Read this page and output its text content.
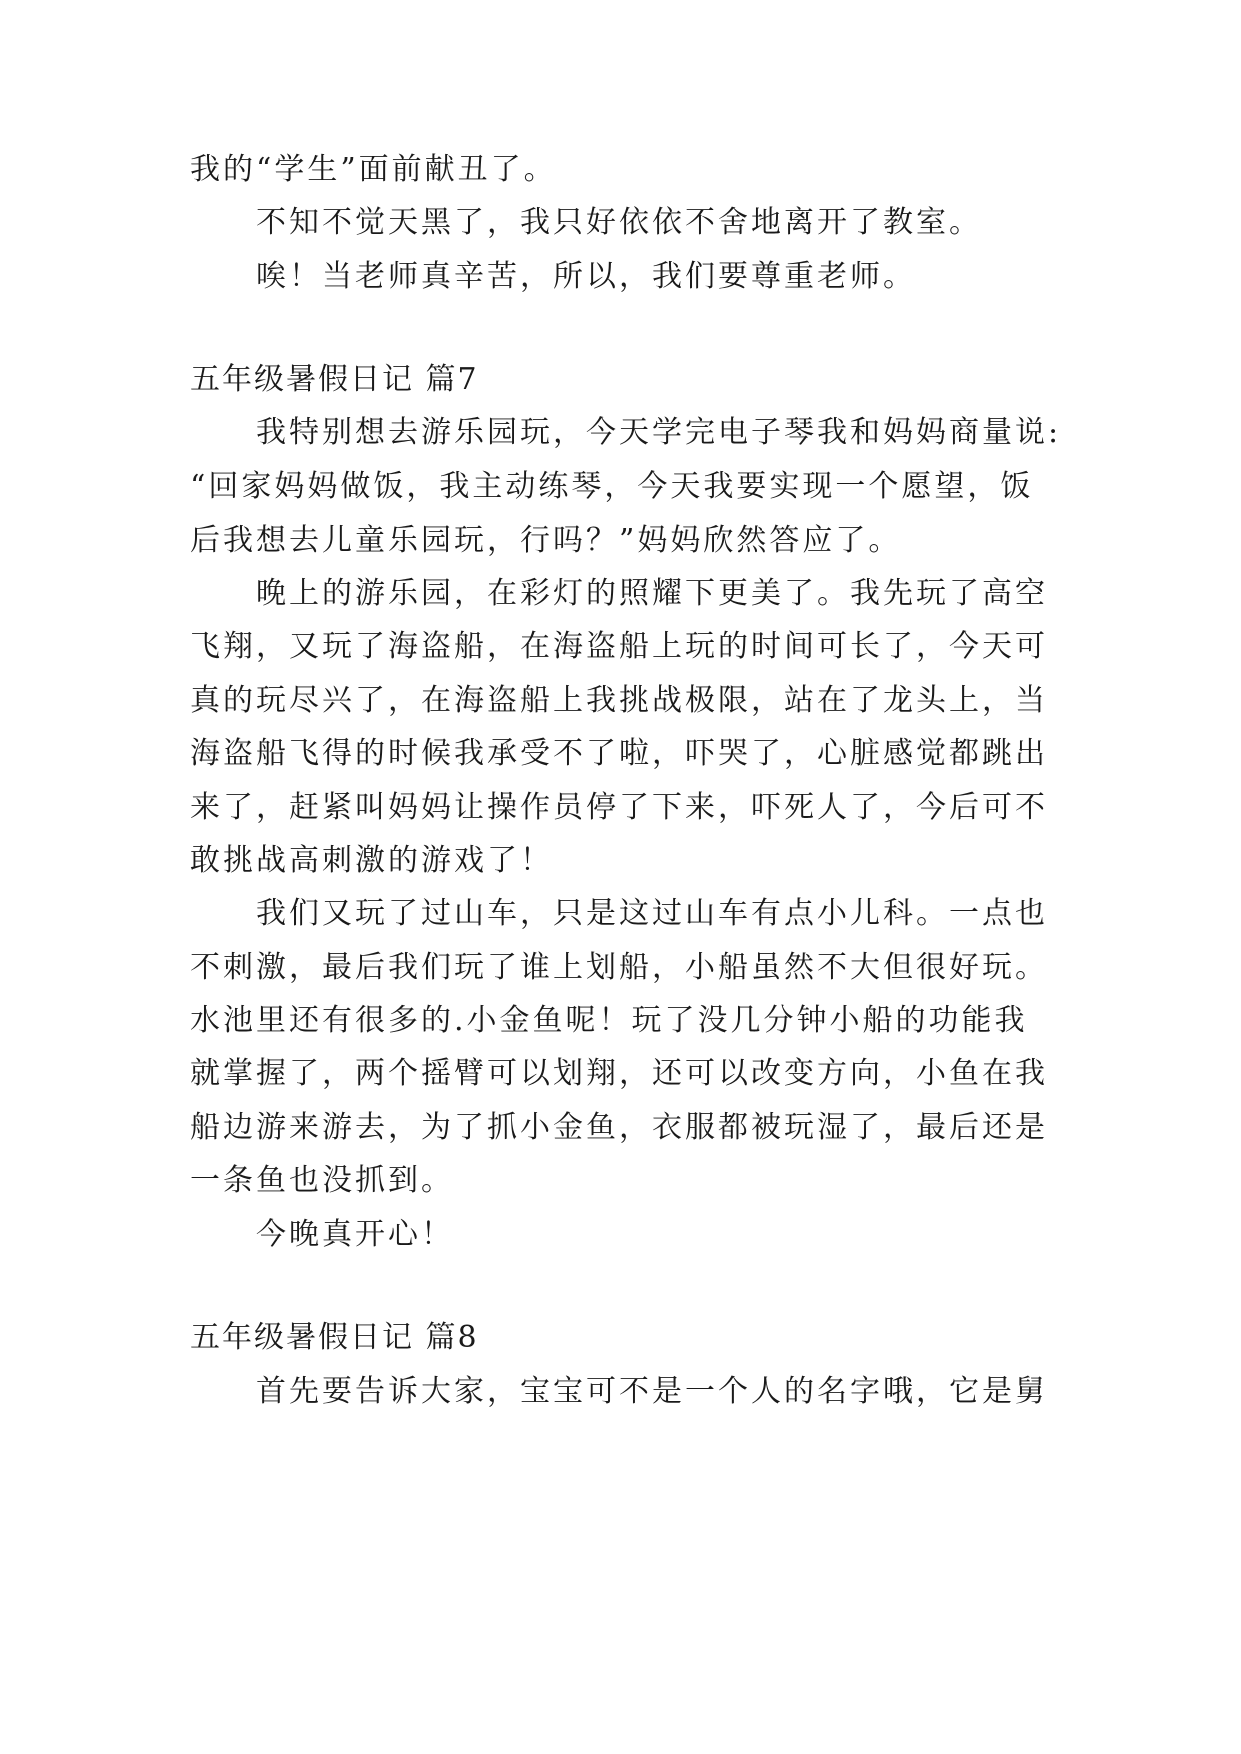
我的“学生”面前献丑了。
不知不觉天黑了，我只好依依不舍地离开了教室。
唉！当老师真辛苦，所以，我们要尊重老师。
五年级暑假日记 篇7
我特别想去游乐园玩，今天学完电子琴我和妈妈商量说:
“回家妈妈做饭，我主动练琴，今天我要实现一个愿望，饭
后我想去儿童乐园玩，行吗？”妈妈欣然答应了。
晚上的游乐园，在彩灯的照耀下更美了。我先玩了高空
飞翔，又玩了海盗船，在海盗船上玩的时间可长了，今天可
真的玩尽兴了，在海盗船上我挑战极限，站在了龙头上，当
海盗船飞得的时候我承受不了啦，吓哭了，心脏感觉都跳出
来了，赶紧叫妈妈让操作员停了下来，吓死人了，今后可不
敢挑战高刺激的游戏了！
我们又玩了过山车，只是这过山车有点小儿科。一点也
不刺激，最后我们玩了谁上划船，小船虽然不大但很好玩。
水池里还有很多的.小金鱼呢！玩了没几分钟小船的功能我
就掌握了，两个摇臂可以划翔，还可以改变方向，小鱼在我
船边游来游去，为了抓小金鱼，衣服都被玩湿了，最后还是
一条鱼也没抓到。
今晚真开心！
五年级暑假日记 篇8
首先要告诉大家，宝宝可不是一个人的名字哦，它是舅
